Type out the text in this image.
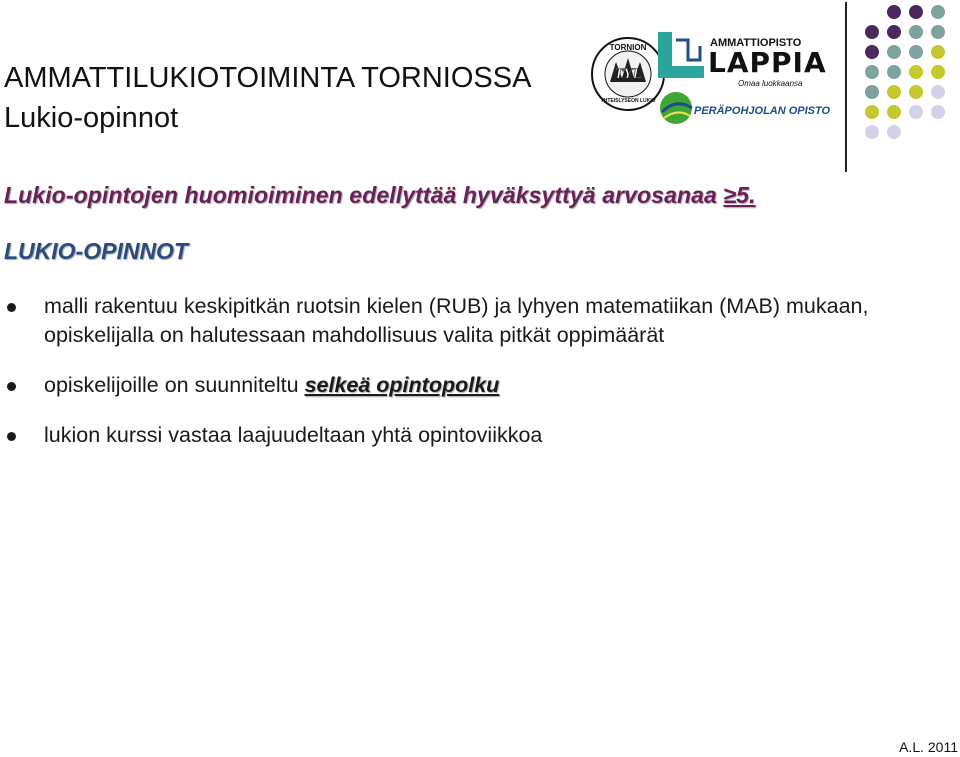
AMMATTILUKIOTOIMINTA TORNIOSSA
Lukio-opinnot
Lukio-opintojen huomioiminen edellyttää hyväksyttyä arvosanaa ≥5.
LUKIO-OPINNOT
malli rakentuu keskipitkän ruotsin kielen (RUB) ja lyhyen matematiikan (MAB) mukaan, opiskelijalla on halutessaan mahdollisuus valita pitkät oppimäärät
opiskelijoille on suunniteltu selkeä opintopolku
lukion kurssi vastaa laajuudeltaan yhtä opintoviikkoa
TORNION
TYL
YHTEISLYSEON LUKIO
AMMATTIOPISTO
LAPPIA
Omaa luokkaansa
PERÄPOHJOLAN OPISTO
A.L. 2011
